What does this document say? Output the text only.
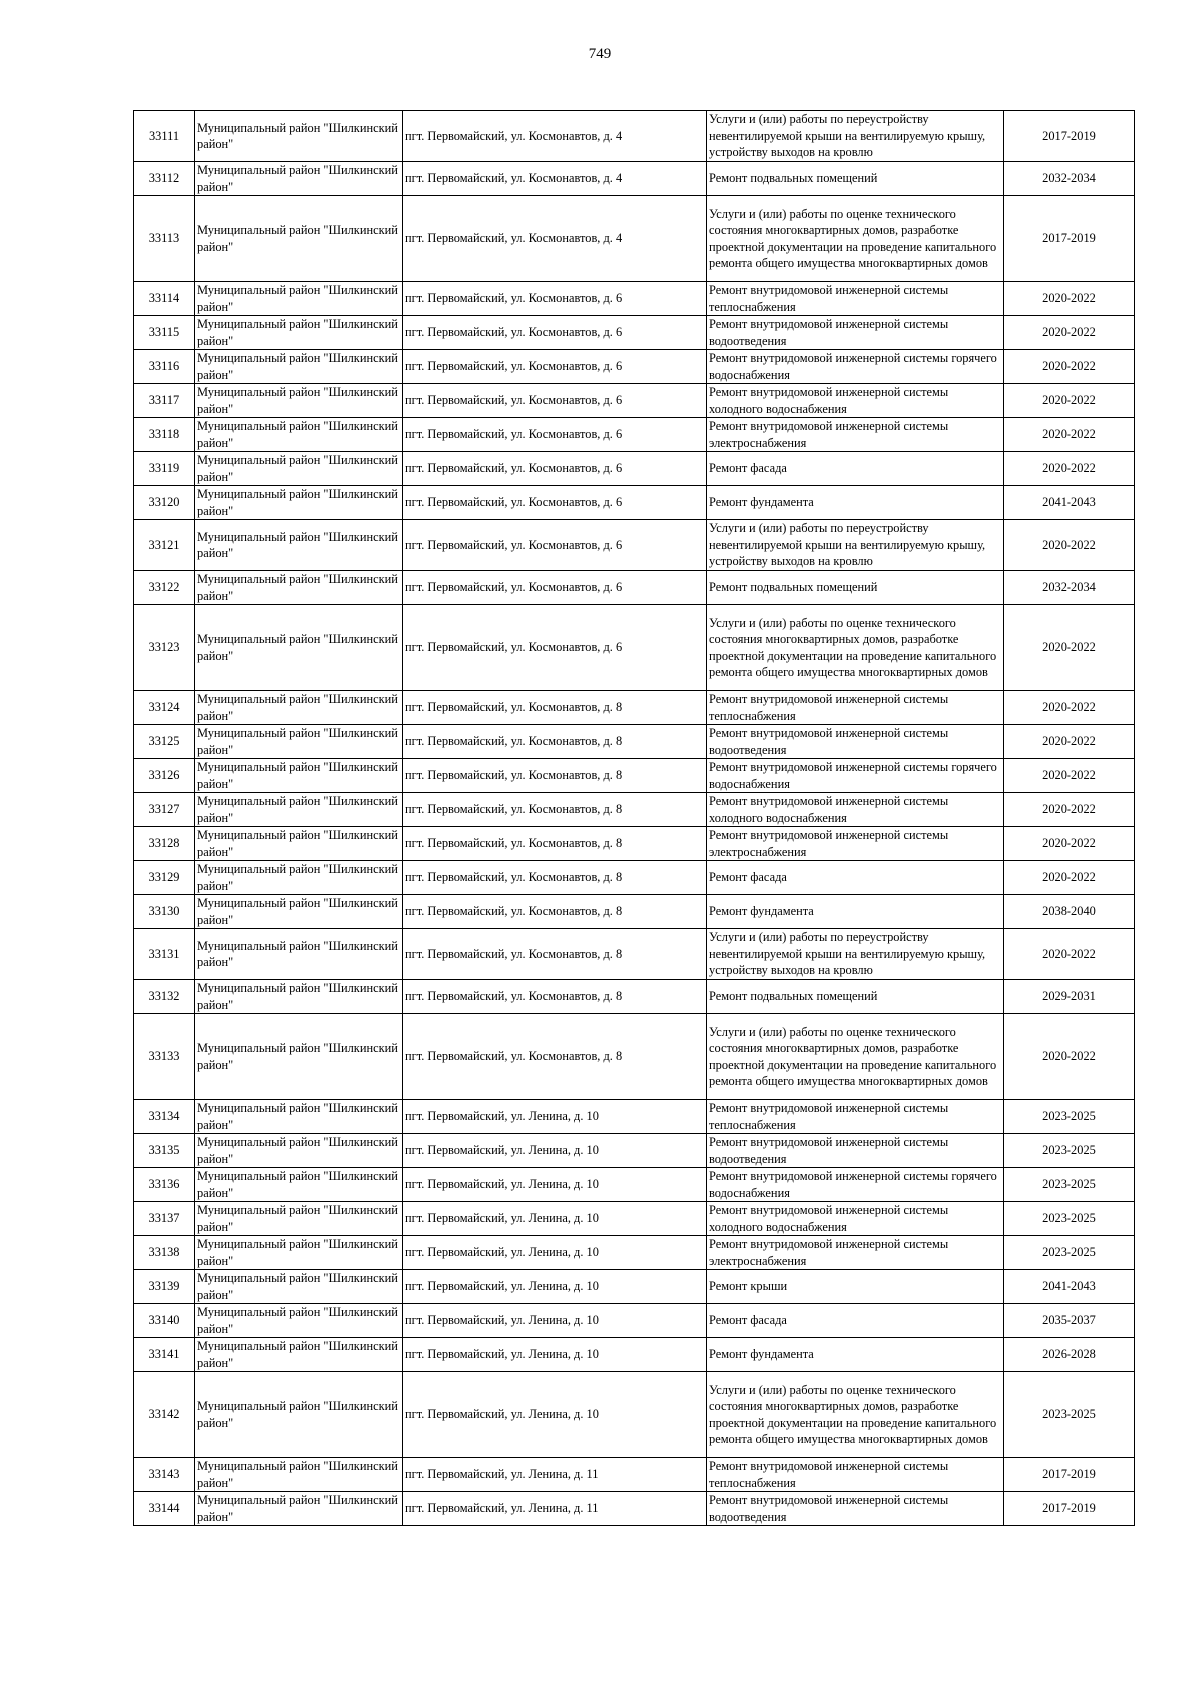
749
33111	Муниципальный район "Шилкинский район"	пгт. Первомайский, ул. Космонавтов, д. 4	Услуги и (или) работы по переустройству невентилируемой крыши на вентилируемую крышу, устройству выходов на кровлю	2017-2019
33112	Муниципальный район "Шилкинский район"	пгт. Первомайский, ул. Космонавтов, д. 4	Ремонт подвальных помещений	2032-2034
33113	Муниципальный район "Шилкинский район"	пгт. Первомайский, ул. Космонавтов, д. 4	Услуги и (или) работы по оценке технического состояния многоквартирных домов, разработке проектной документации на проведение капитального ремонта общего имущества многоквартирных домов	2017-2019
33114	Муниципальный район "Шилкинский район"	пгт. Первомайский, ул. Космонавтов, д. 6	Ремонт внутридомовой инженерной системы теплоснабжения	2020-2022
33115	Муниципальный район "Шилкинский район"	пгт. Первомайский, ул. Космонавтов, д. 6	Ремонт внутридомовой инженерной системы водоотведения	2020-2022
33116	Муниципальный район "Шилкинский район"	пгт. Первомайский, ул. Космонавтов, д. 6	Ремонт внутридомовой инженерной системы горячего водоснабжения	2020-2022
33117	Муниципальный район "Шилкинский район"	пгт. Первомайский, ул. Космонавтов, д. 6	Ремонт внутридомовой инженерной системы холодного водоснабжения	2020-2022
33118	Муниципальный район "Шилкинский район"	пгт. Первомайский, ул. Космонавтов, д. 6	Ремонт внутридомовой инженерной системы электроснабжения	2020-2022
33119	Муниципальный район "Шилкинский район"	пгт. Первомайский, ул. Космонавтов, д. 6	Ремонт фасада	2020-2022
33120	Муниципальный район "Шилкинский район"	пгт. Первомайский, ул. Космонавтов, д. 6	Ремонт фундамента	2041-2043
33121	Муниципальный район "Шилкинский район"	пгт. Первомайский, ул. Космонавтов, д. 6	Услуги и (или) работы по переустройству невентилируемой крыши на вентилируемую крышу, устройству выходов на кровлю	2020-2022
33122	Муниципальный район "Шилкинский район"	пгт. Первомайский, ул. Космонавтов, д. 6	Ремонт подвальных помещений	2032-2034
33123	Муниципальный район "Шилкинский район"	пгт. Первомайский, ул. Космонавтов, д. 6	Услуги и (или) работы по оценке технического состояния многоквартирных домов, разработке проектной документации на проведение капитального ремонта общего имущества многоквартирных домов	2020-2022
33124	Муниципальный район "Шилкинский район"	пгт. Первомайский, ул. Космонавтов, д. 8	Ремонт внутридомовой инженерной системы теплоснабжения	2020-2022
33125	Муниципальный район "Шилкинский район"	пгт. Первомайский, ул. Космонавтов, д. 8	Ремонт внутридомовой инженерной системы водоотведения	2020-2022
33126	Муниципальный район "Шилкинский район"	пгт. Первомайский, ул. Космонавтов, д. 8	Ремонт внутридомовой инженерной системы горячего водоснабжения	2020-2022
33127	Муниципальный район "Шилкинский район"	пгт. Первомайский, ул. Космонавтов, д. 8	Ремонт внутридомовой инженерной системы холодного водоснабжения	2020-2022
33128	Муниципальный район "Шилкинский район"	пгт. Первомайский, ул. Космонавтов, д. 8	Ремонт внутридомовой инженерной системы электроснабжения	2020-2022
33129	Муниципальный район "Шилкинский район"	пгт. Первомайский, ул. Космонавтов, д. 8	Ремонт фасада	2020-2022
33130	Муниципальный район "Шилкинский район"	пгт. Первомайский, ул. Космонавтов, д. 8	Ремонт фундамента	2038-2040
33131	Муниципальный район "Шилкинский район"	пгт. Первомайский, ул. Космонавтов, д. 8	Услуги и (или) работы по переустройству невентилируемой крыши на вентилируемую крышу, устройству выходов на кровлю	2020-2022
33132	Муниципальный район "Шилкинский район"	пгт. Первомайский, ул. Космонавтов, д. 8	Ремонт подвальных помещений	2029-2031
33133	Муниципальный район "Шилкинский район"	пгт. Первомайский, ул. Космонавтов, д. 8	Услуги и (или) работы по оценке технического состояния многоквартирных домов, разработке проектной документации на проведение капитального ремонта общего имущества многоквартирных домов	2020-2022
33134	Муниципальный район "Шилкинский район"	пгт. Первомайский, ул. Ленина, д. 10	Ремонт внутридомовой инженерной системы теплоснабжения	2023-2025
33135	Муниципальный район "Шилкинский район"	пгт. Первомайский, ул. Ленина, д. 10	Ремонт внутридомовой инженерной системы водоотведения	2023-2025
33136	Муниципальный район "Шилкинский район"	пгт. Первомайский, ул. Ленина, д. 10	Ремонт внутридомовой инженерной системы горячего водоснабжения	2023-2025
33137	Муниципальный район "Шилкинский район"	пгт. Первомайский, ул. Ленина, д. 10	Ремонт внутридомовой инженерной системы холодного водоснабжения	2023-2025
33138	Муниципальный район "Шилкинский район"	пгт. Первомайский, ул. Ленина, д. 10	Ремонт внутридомовой инженерной системы электроснабжения	2023-2025
33139	Муниципальный район "Шилкинский район"	пгт. Первомайский, ул. Ленина, д. 10	Ремонт крыши	2041-2043
33140	Муниципальный район "Шилкинский район"	пгт. Первомайский, ул. Ленина, д. 10	Ремонт фасада	2035-2037
33141	Муниципальный район "Шилкинский район"	пгт. Первомайский, ул. Ленина, д. 10	Ремонт фундамента	2026-2028
33142	Муниципальный район "Шилкинский район"	пгт. Первомайский, ул. Ленина, д. 10	Услуги и (или) работы по оценке технического состояния многоквартирных домов, разработке проектной документации на проведение капитального ремонта общего имущества многоквартирных домов	2023-2025
33143	Муниципальный район "Шилкинский район"	пгт. Первомайский, ул. Ленина, д. 11	Ремонт внутридомовой инженерной системы теплоснабжения	2017-2019
33144	Муниципальный район "Шилкинский район"	пгт. Первомайский, ул. Ленина, д. 11	Ремонт внутридомовой инженерной системы водоотведения	2017-2019
